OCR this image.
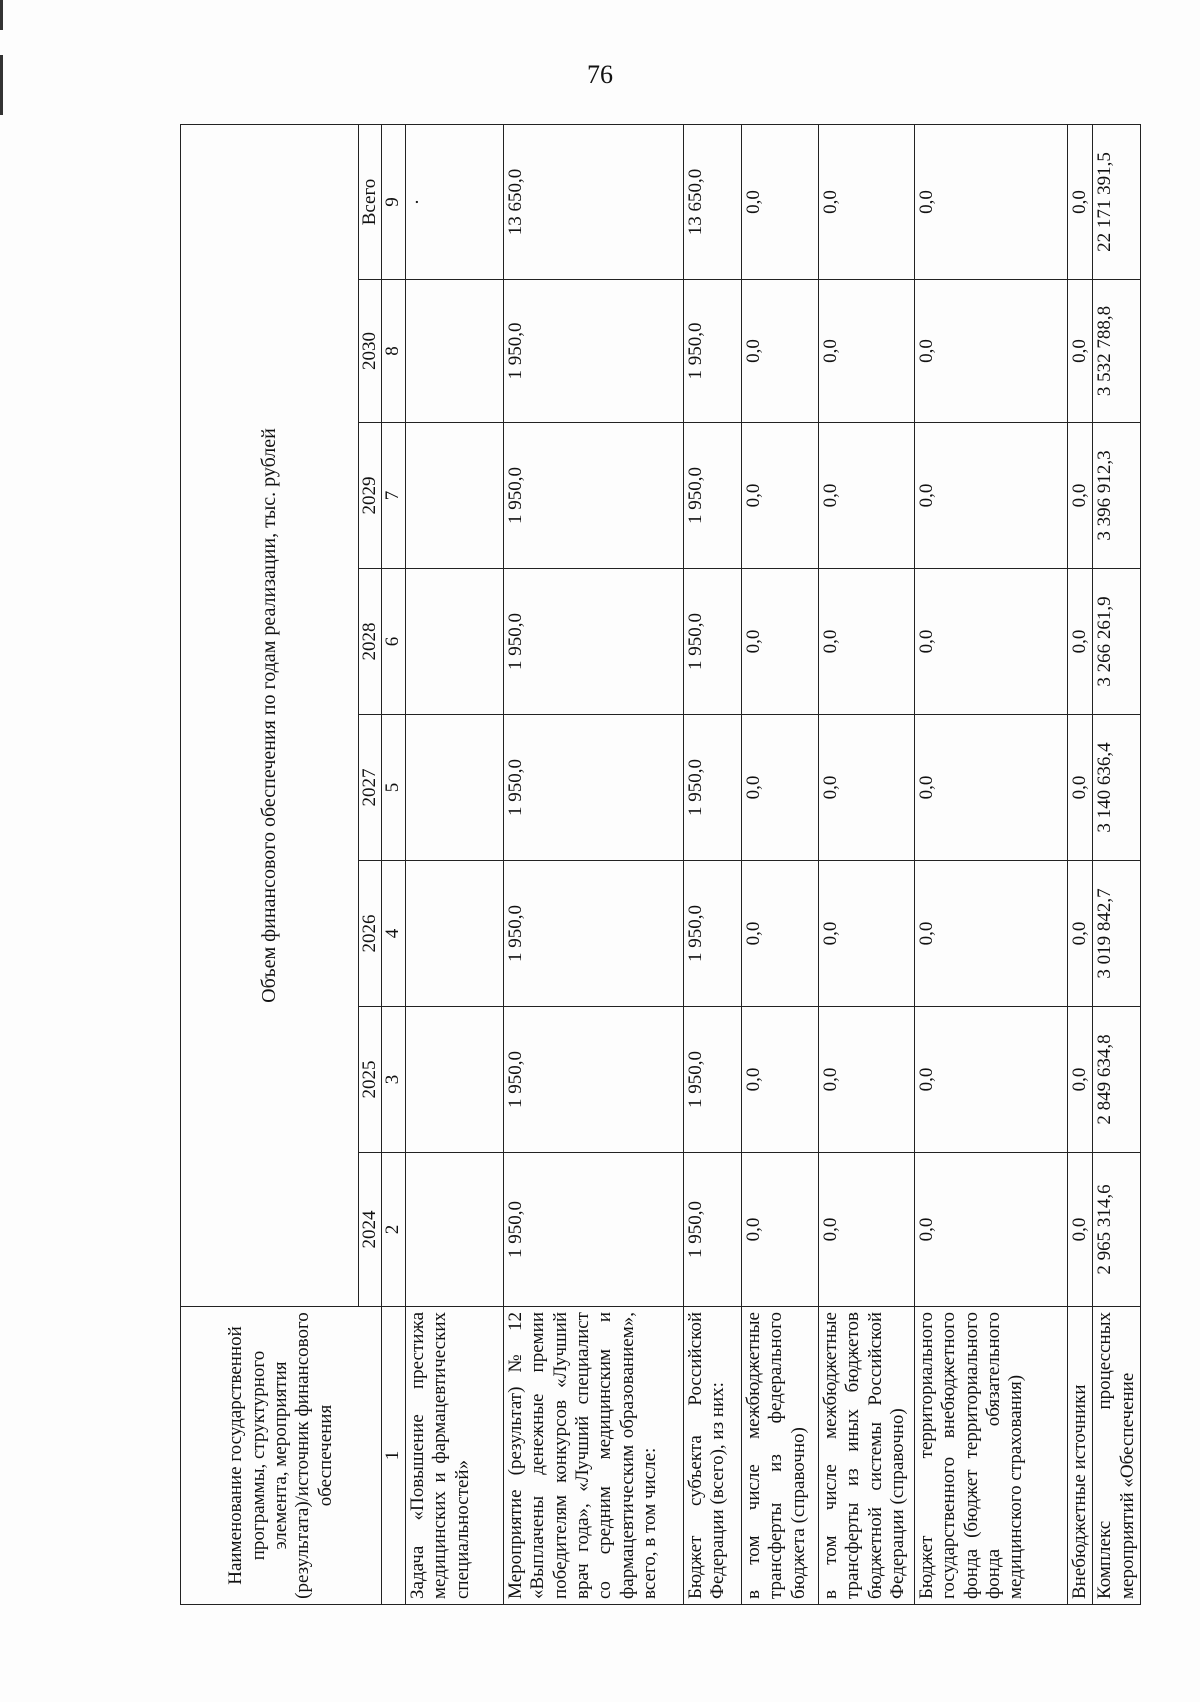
76
Наименование государственной программы, структурного элемента, мероприятия (результата)/источник финансового обеспечения	Объем финансового обеспечения по годам реализации, тыс. рублей							
	2024	2025	2026	2027	2028	2029	2030	Всего
1	2	3	4	5	6	7	8	9
Задача «Повышение престижа медицинских и фармацевтических специальностей»								·
Мероприятие (результат) № 12 «Выплачены денежные премии победителям конкурсов «Лучший врач года», «Лучший специалист со средним медицинским и фармацевтическим образованием», всего, в том числе:	1 950,0	1 950,0	1 950,0	1 950,0	1 950,0	1 950,0	1 950,0	13 650,0
Бюджет субъекта Российской Федерации (всего), из них:	1 950,0	1 950,0	1 950,0	1 950,0	1 950,0	1 950,0	1 950,0	13 650,0
в том числе межбюджетные трансферты из федерального бюджета (справочно)	0,0	0,0	0,0	0,0	0,0	0,0	0,0	0,0
в том числе межбюджетные трансферты из иных бюджетов бюджетной системы Российской Федерации (справочно)	0,0	0,0	0,0	0,0	0,0	0,0	0,0	0,0
Бюджет территориального государственного внебюджетного фонда (бюджет территориального фонда обязательного медицинского страхования)	0,0	0,0	0,0	0,0	0,0	0,0	0,0	0,0
Внебюджетные источники	0,0	0,0	0,0	0,0	0,0	0,0	0,0	0,0
Комплекс процессных мероприятий «Обеспечение	2 965 314,6	2 849 634,8	3 019 842,7	3 140 636,4	3 266 261,9	3 396 912,3	3 532 788,8	22 171 391,5
